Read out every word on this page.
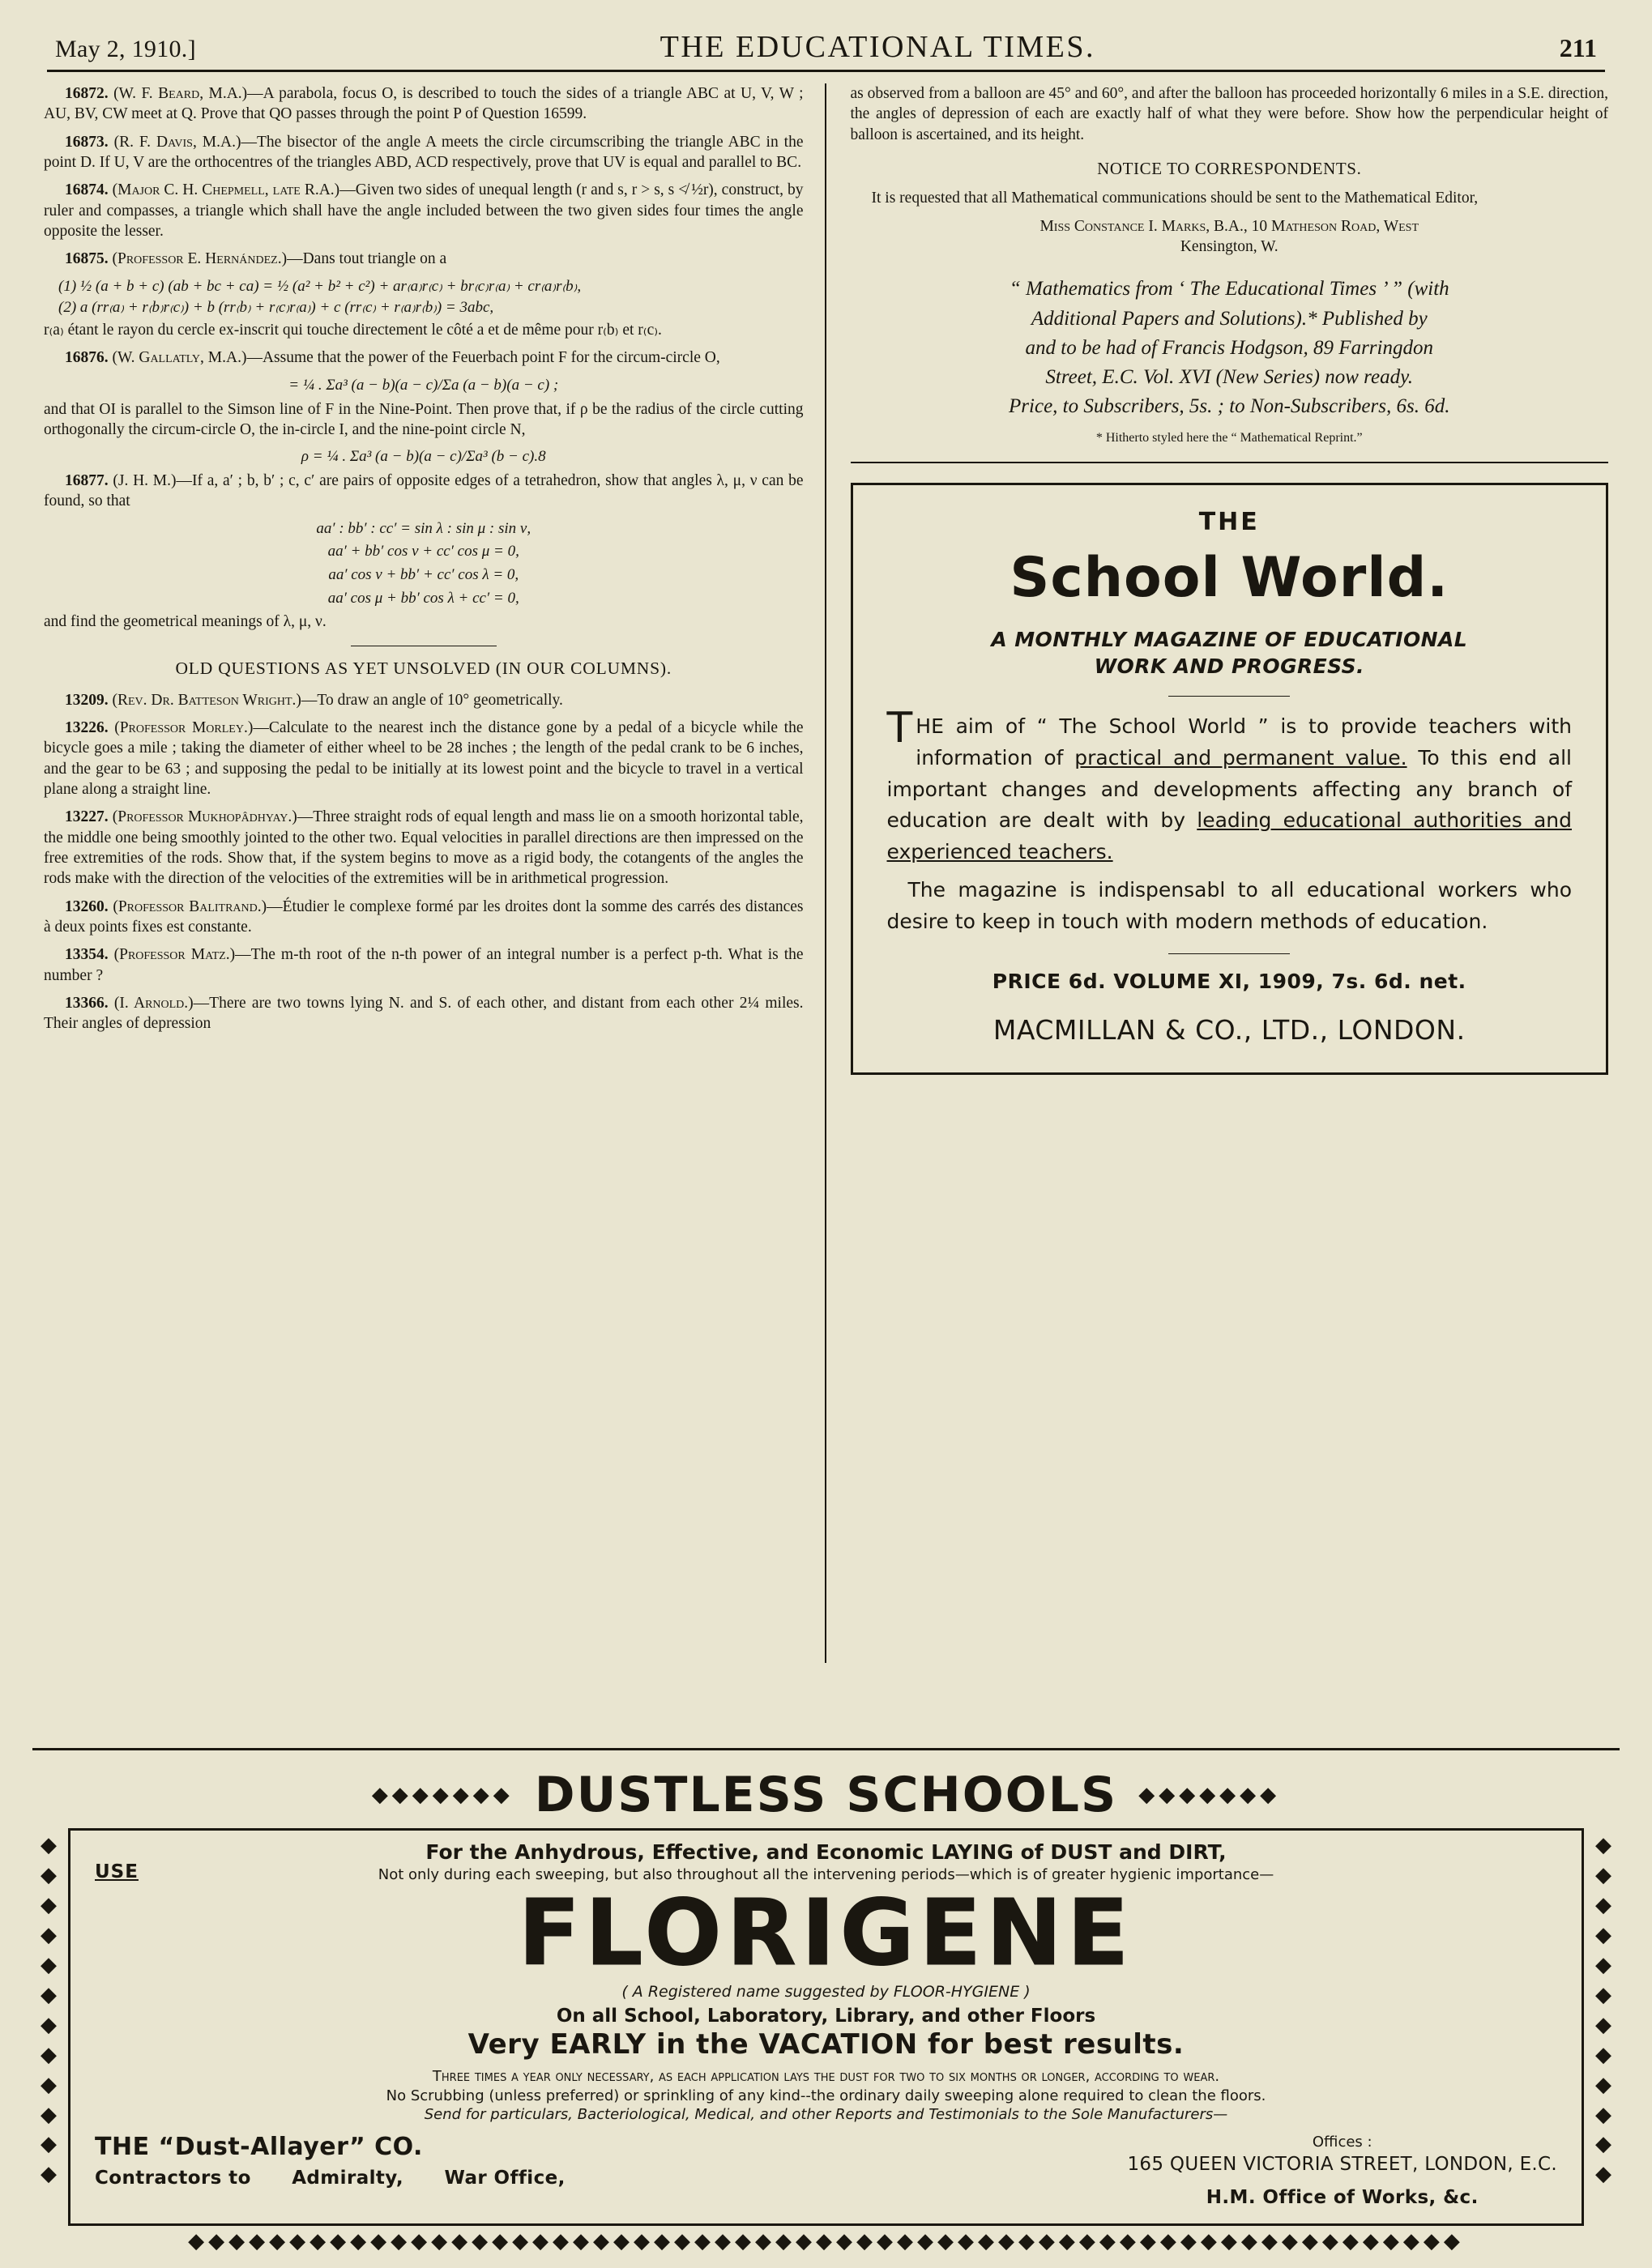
May 2, 1910.]	THE EDUCATIONAL TIMES.	211

16872. (W. F. Beard, M.A.)—A parabola, focus O, is described to touch the sides of a triangle ABC at U, V, W ; AU, BV, CW meet at Q. Prove that QO passes through the point P of Question 16599.

16873. (R. F. Davis, M.A.)—The bisector of the angle A meets the circle circumscribing the triangle ABC in the point D. If U, V are the orthocentres of the triangles ABD, ACD respectively, prove that UV is equal and parallel to BC.

16874. (Major C. H. Chepmell, late R.A.)—Given two sides of unequal length (r and s, r > s, s ≮ ½r), construct, by ruler and compasses, a triangle which shall have the angle included between the two given sides four times the angle opposite the lesser.

16875. (Professor E. Hernández.)—Dans tout triangle on a

(1) ½ (a + b + c) (ab + bc + ca) = ½ (a² + b² + c²) + ar₍a₎r₍c₎ + br₍c₎r₍a₎ + cr₍a₎r₍b₎,

(2) a (rr₍a₎ + r₍b₎r₍c₎) + b (rr₍b₎ + r₍c₎r₍a₎) + c (rr₍c₎ + r₍a₎r₍b₎) = 3abc,

r₍a₎ étant le rayon du cercle ex-inscrit qui touche directement le côté a et de même pour r₍b₎ et r₍c₎.

16876. (W. Gallatly, M.A.)—Assume that the power of the Feuerbach point F for the circum-circle O,

= ¼ . Σa³ (a − b)(a − c)/Σa (a − b)(a − c) ;

and that OI is parallel to the Simson line of F in the Nine-Point. Then prove that, if ρ be the radius of the circle cutting orthogonally the circum-circle O, the in-circle I, and the nine-point circle N,

ρ = ¼ . Σa³ (a − b)(a − c)/Σa³ (b − c).8

16877. (J. H. M.)—If a, a′ ; b, b′ ; c, c′ are pairs of opposite edges of a tetrahedron, show that angles λ, μ, ν can be found, so that

aa′ : bb′ : cc′ = sin λ : sin μ : sin ν,

aa′ + bb′ cos ν + cc′ cos μ = 0,

aa′ cos ν + bb′ + cc′ cos λ = 0,

aa′ cos μ + bb′ cos λ + cc′ = 0,

and find the geometrical meanings of λ, μ, ν.

OLD QUESTIONS AS YET UNSOLVED (IN OUR COLUMNS).

13209. (Rev. Dr. Batteson Wright.)—To draw an angle of 10° geometrically.

13226. (Professor Morley.)—Calculate to the nearest inch the distance gone by a pedal of a bicycle while the bicycle goes a mile ; taking the diameter of either wheel to be 28 inches ; the length of the pedal crank to be 6 inches, and the gear to be 63 ; and supposing the pedal to be initially at its lowest point and the bicycle to travel in a vertical plane along a straight line.

13227. (Professor Mukhopâdhyay.)—Three straight rods of equal length and mass lie on a smooth horizontal table, the middle one being smoothly jointed to the other two. Equal velocities in parallel directions are then impressed on the free extremities of the rods. Show that, if the system begins to move as a rigid body, the cotangents of the angles the rods make with the direction of the velocities of the extremities will be in arithmetical progression.

13260. (Professor Balitrand.)—Étudier le complexe formé par les droites dont la somme des carrés des distances à deux points fixes est constante.

13354. (Professor Matz.)—The m-th root of the n-th power of an integral number is a perfect p-th. What is the number ?

13366. (I. Arnold.)—There are two towns lying N. and S. of each other, and distant from each other 2¼ miles. Their angles of depression

as observed from a balloon are 45° and 60°, and after the balloon has proceeded horizontally 6 miles in a S.E. direction, the angles of depression of each are exactly half of what they were before. Show how the perpendicular height of balloon is ascertained, and its height.

NOTICE TO CORRESPONDENTS.

It is requested that all Mathematical communications should be sent to the Mathematical Editor,

Miss Constance I. Marks, B.A., 10 Matheson Road, West

Kensington, W.

“ Mathematics from ‘ The Educational Times ’ ” (with
Additional Papers and Solutions).* Published by
and to be had of Francis Hodgson, 89 Farringdon
Street, E.C. Vol. XVI (New Series) now ready.
Price, to Subscribers, 5s. ; to Non-Subscribers, 6s. 6d.
* Hitherto styled here the “ Mathematical Reprint.”
THE
School World.
A MONTHLY MAGAZINE OF EDUCATIONAL
WORK AND PROGRESS.

THE aim of “ The School World ” is to provide teachers with information of practical and permanent value. To this end all important changes and developments affecting any branch of education are dealt with by leading educational authorities and experienced teachers.

The magazine is indispensabl to all educational workers who desire to keep in touch with modern methods of education.

PRICE 6d. VOLUME XI, 1909, 7s. 6d. net.
MACMILLAN & CO., LTD., LONDON.
◆◆◆◆◆◆◆ DUSTLESS SCHOOLS ◆◆◆◆◆◆◆
◆
◆
◆
◆
◆
◆
◆
◆
◆
◆
◆
◆
◆
◆
◆
◆
◆
◆
◆
◆
◆
◆
◆
◆
USE
For the Anhydrous, Effective, and Economic LAYING of DUST and DIRT,
Not only during each sweeping, but also throughout all the intervening periods—which is of greater hygienic importance—
FLORIGENE
( A Registered name suggested by FLOOR-HYGIENE )
On all School, Laboratory, Library, and other Floors
Very EARLY in the VACATION for best results.
Three times a year only necessary, as each application lays the dust for two to six months or longer, according to wear.
No Scrubbing (unless preferred) or sprinkling of any kind--the ordinary daily sweeping alone required to clean the floors.
Send for particulars, Bacteriological, Medical, and other Reports and Testimonials to the Sole Manufacturers—
THE “Dust-Allayer” CO.
Contractors to Admiralty, War Office,
Offices :
165 QUEEN VICTORIA STREET, LONDON, E.C.
H.M. Office of Works, &c.
◆◆◆◆◆◆◆◆◆◆◆◆◆◆◆◆◆◆◆◆◆◆◆◆◆◆◆◆◆◆◆◆◆◆◆◆◆◆◆◆◆◆◆◆◆◆◆◆◆◆◆◆◆◆◆◆◆◆◆◆◆◆◆
